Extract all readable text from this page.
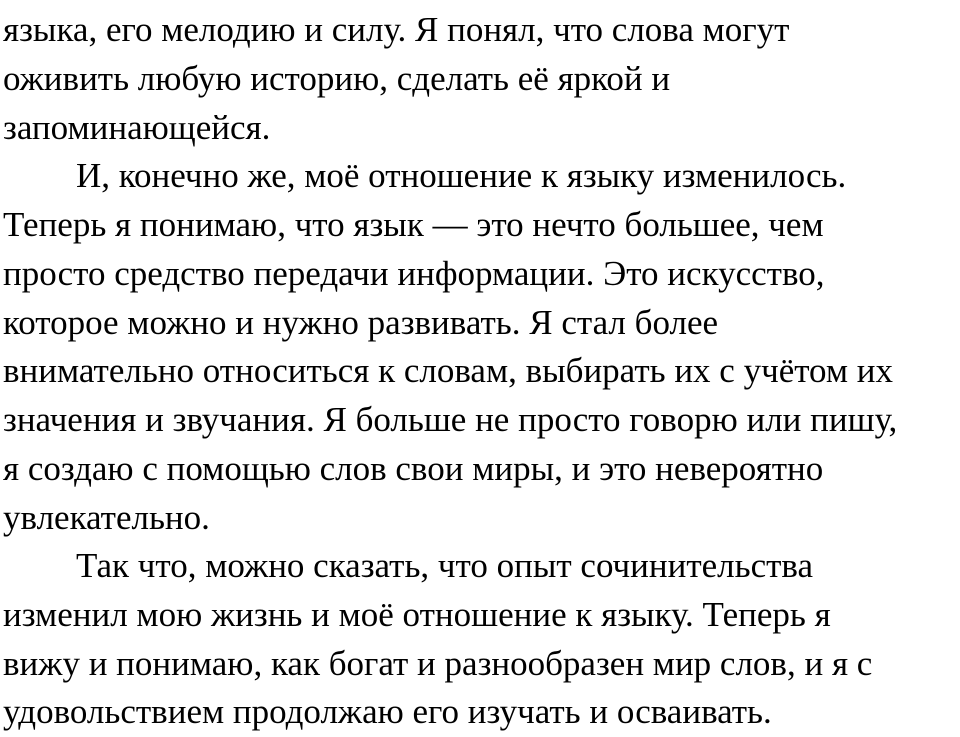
языка, его мелодию и силу. Я понял, что слова могут
оживить любую историю, сделать её яркой и
запоминающейся.
И, конечно же, моё отношение к языку изменилось.
Теперь я понимаю, что язык — это нечто большее, чем
просто средство передачи информации. Это искусство,
которое можно и нужно развивать. Я стал более
внимательно относиться к словам, выбирать их с учётом их
значения и звучания. Я больше не просто говорю или пишу,
я создаю с помощью слов свои миры, и это невероятно
увлекательно.
Так что, можно сказать, что опыт сочинительства
изменил мою жизнь и моё отношение к языку. Теперь я
вижу и понимаю, как богат и разнообразен мир слов, и я с
удовольствием продолжаю его изучать и осваивать.
